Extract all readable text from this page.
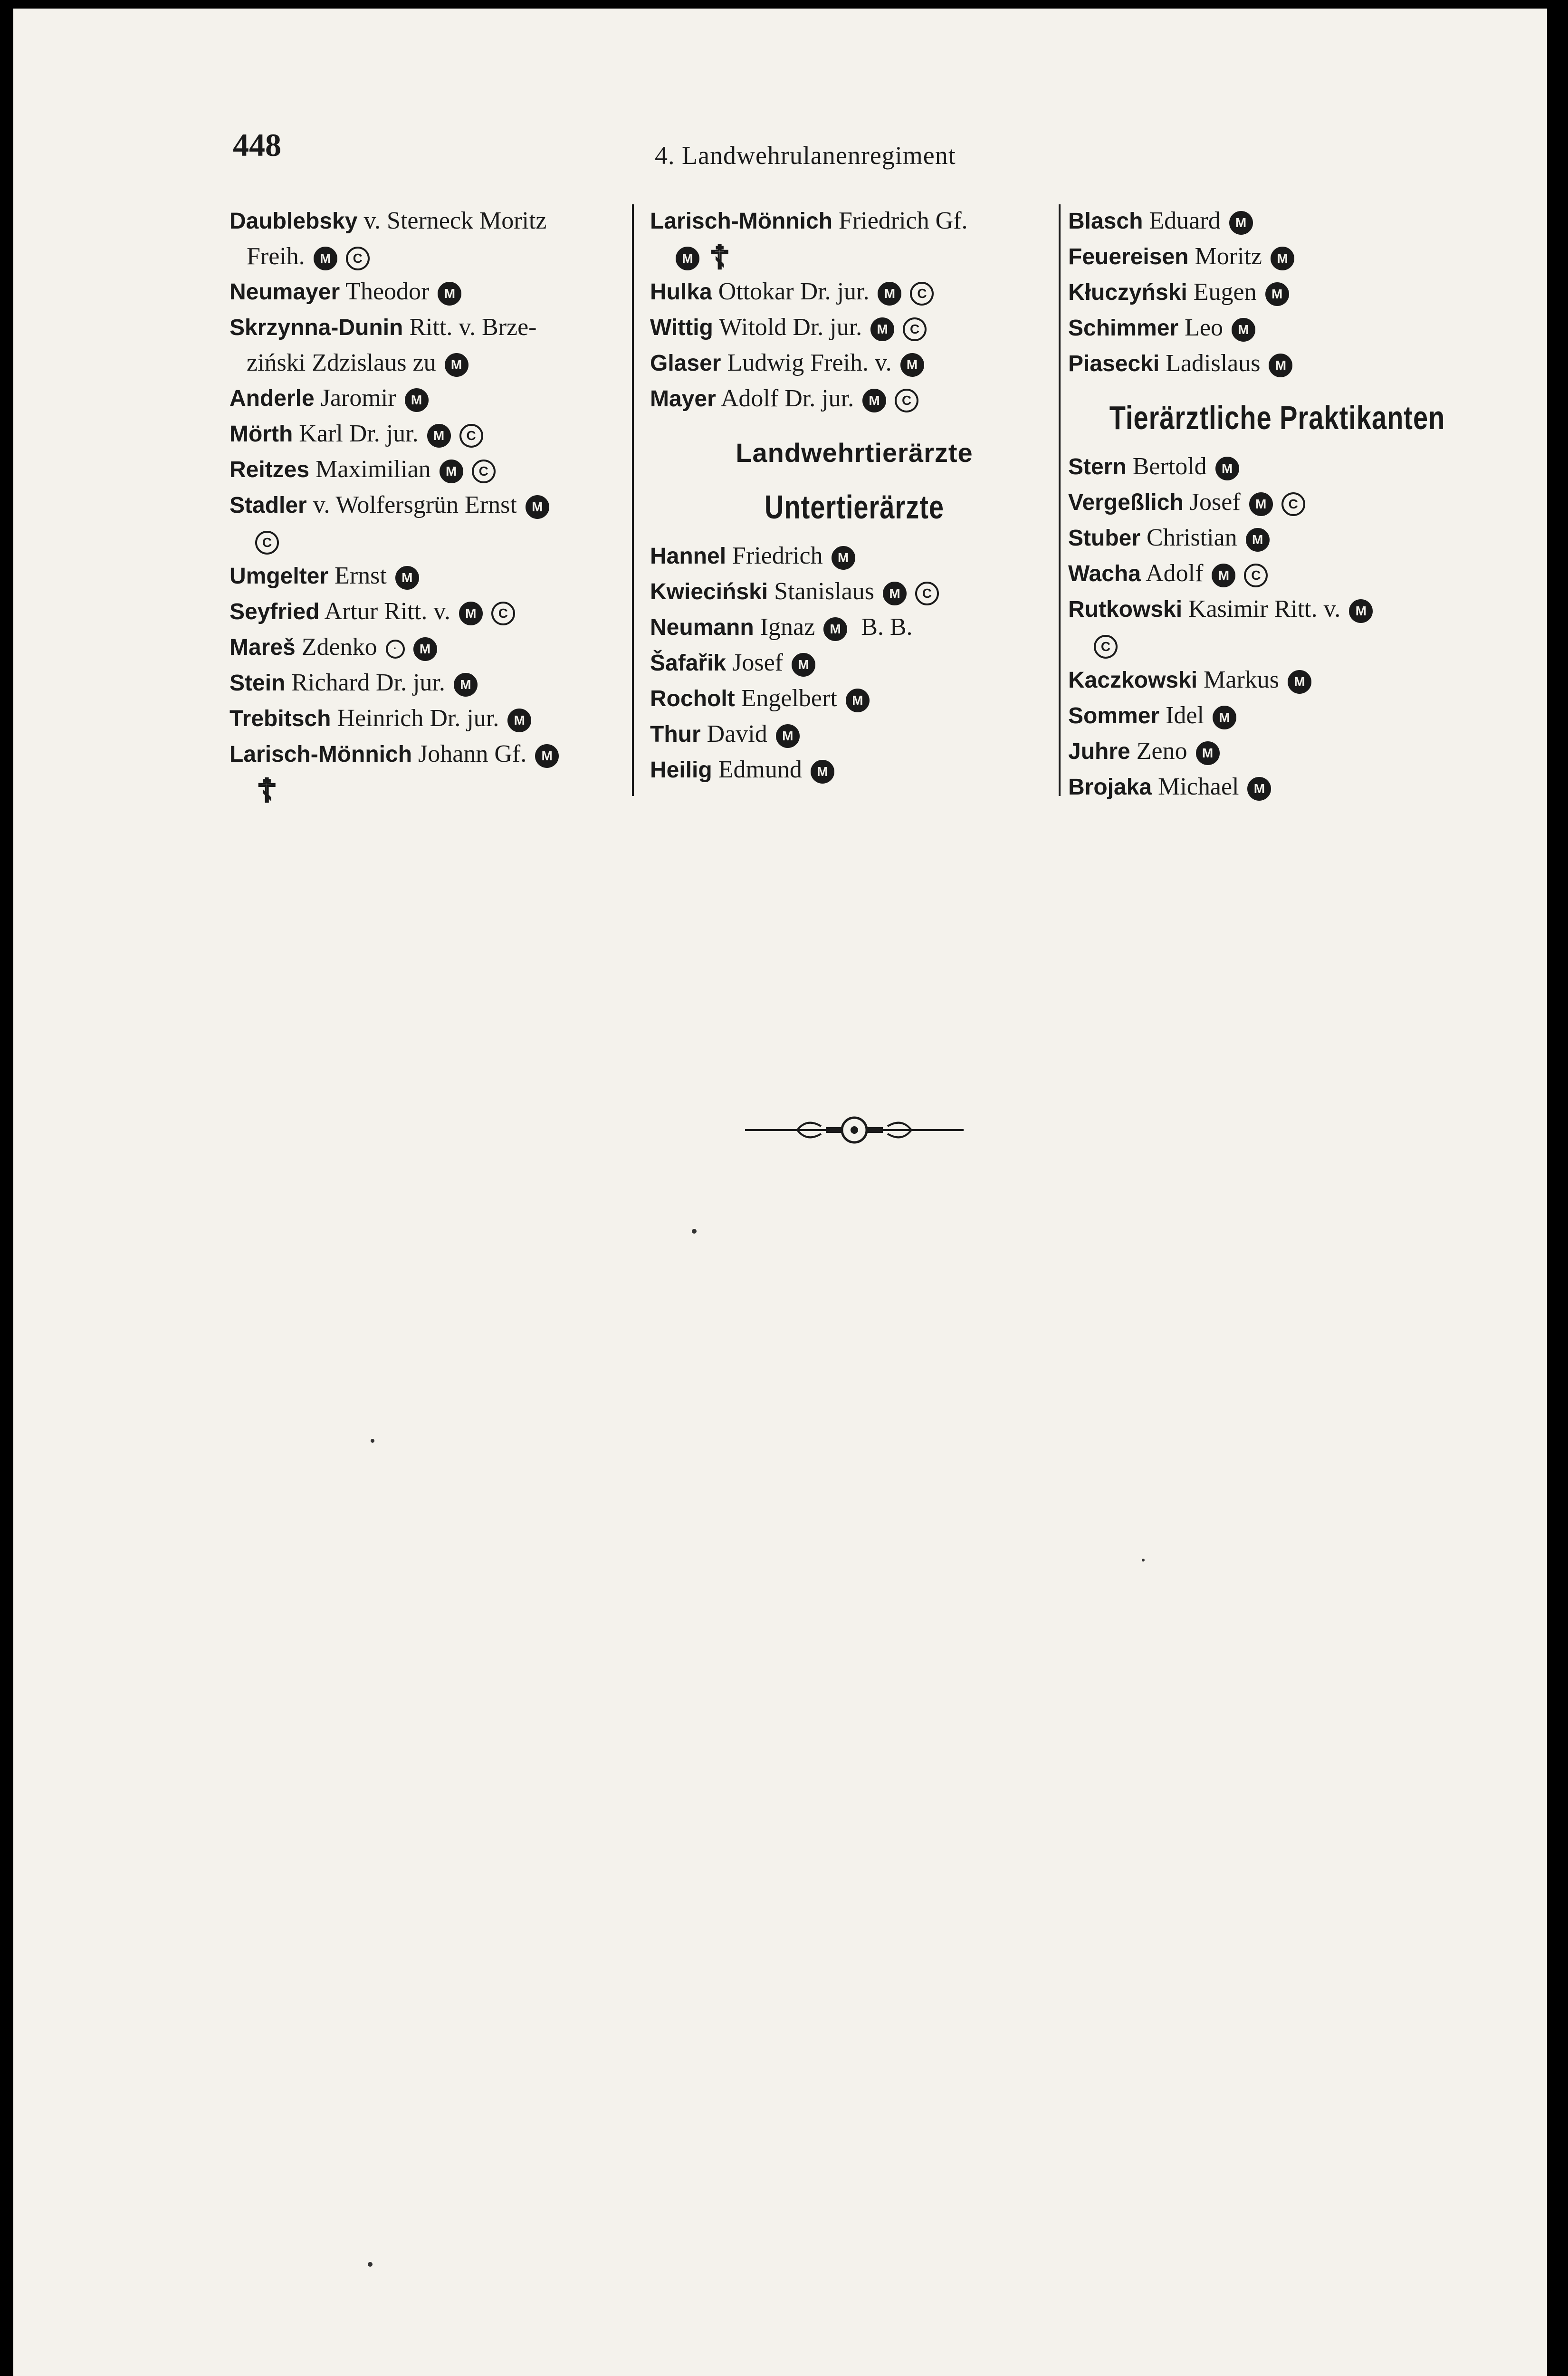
448	4. Landwehrulanenregiment
Daublebsky v. Sterneck Moritz
Freih. M C
Neumayer Theodor M
Skrzynna-Dunin Ritt. v. Brze-
ziński Zdzislaus zu M
Anderle Jaromir M
Mörth Karl Dr. jur. M C
Reitzes Maximilian M C
Stadler v. Wolfersgrün Ernst M
C
Umgelter Ernst M
Seyfried Artur Ritt. v. M C
Mareš Zdenko · M
Stein Richard Dr. jur. M
Trebitsch Heinrich Dr. jur. M
Larisch-Mönnich Johann Gf. M
☦
Larisch-Mönnich Friedrich Gf.
M ☦
Hulka Ottokar Dr. jur. M C
Wittig Witold Dr. jur. M C
Glaser Ludwig Freih. v. M
Mayer Adolf Dr. jur. M C
Landwehrtierärzte
Untertierärzte
Hannel Friedrich M
Kwieciński Stanislaus M C
Neumann Ignaz M B. B.
Šafařik Josef M
Rocholt Engelbert M
Thur David M
Heilig Edmund M
Blasch Eduard M
Feuereisen Moritz M
Kłuczyński Eugen M
Schimmer Leo M
Piasecki Ladislaus M
Tierärztliche Praktikanten
Stern Bertold M
Vergeßlich Josef M C
Stuber Christian M
Wacha Adolf M C
Rutkowski Kasimir Ritt. v. M
C
Kaczkowski Markus M
Sommer Idel M
Juhre Zeno M
Brojaka Michael M
